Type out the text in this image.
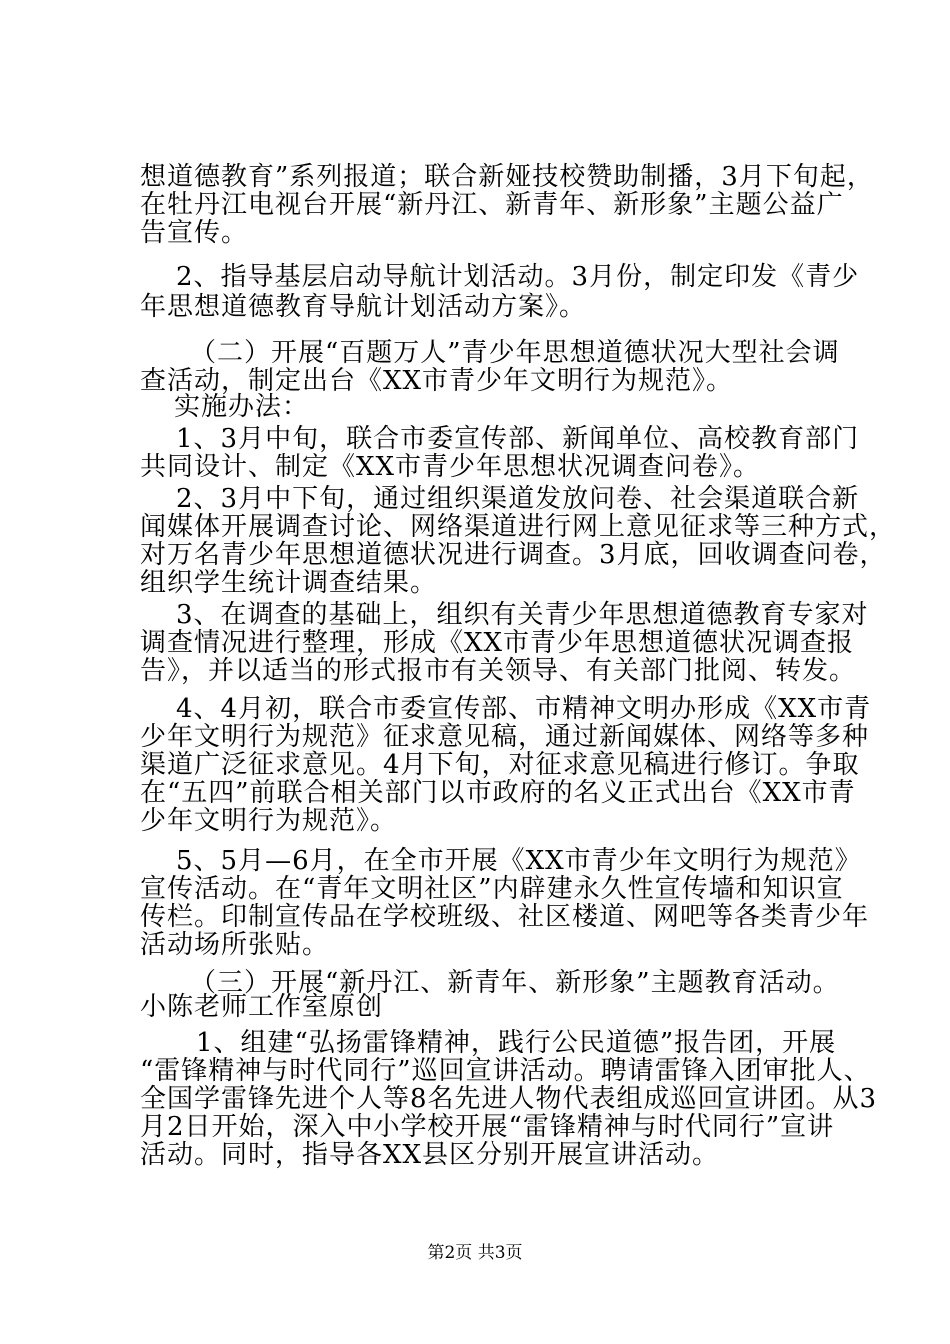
想道德教育”系列报道；联合新娅技校赞助制播，3月下旬起，
在牡丹江电视台开展“新丹江、新青年、新形象”主题公益广
告宣传。
2、指导基层启动导航计划活动。3月份，制定印发《青少
年思想道德教育导航计划活动方案》。
（二）开展“百题万人”青少年思想道德状况大型社会调
查活动，制定出台《XX市青少年文明行为规范》。
实施办法：
1、3月中旬，联合市委宣传部、新闻单位、高校教育部门
共同设计、制定《XX市青少年思想状况调查问卷》。
2、3月中下旬，通过组织渠道发放问卷、社会渠道联合新
闻媒体开展调查讨论、网络渠道进行网上意见征求等三种方式，
对万名青少年思想道德状况进行调查。3月底，回收调查问卷，
组织学生统计调查结果。
3、在调查的基础上，组织有关青少年思想道德教育专家对
调查情况进行整理，形成《XX市青少年思想道德状况调查报
告》，并以适当的形式报市有关领导、有关部门批阅、转发。
4、4月初，联合市委宣传部、市精神文明办形成《XX市青
少年文明行为规范》征求意见稿，通过新闻媒体、网络等多种
渠道广泛征求意见。4月下旬，对征求意见稿进行修订。争取
在“五四”前联合相关部门以市政府的名义正式出台《XX市青
少年文明行为规范》。
5、5月—6月，在全市开展《XX市青少年文明行为规范》
宣传活动。在“青年文明社区”内辟建永久性宣传墙和知识宣
传栏。印制宣传品在学校班级、社区楼道、网吧等各类青少年
活动场所张贴。
（三）开展“新丹江、新青年、新形象”主题教育活动。
小陈老师工作室原创
1、组建“弘扬雷锋精神，践行公民道德”报告团，开展
“雷锋精神与时代同行”巡回宣讲活动。聘请雷锋入团审批人、
全国学雷锋先进个人等8名先进人物代表组成巡回宣讲团。从3
月2日开始，深入中小学校开展“雷锋精神与时代同行”宣讲
活动。同时，指导各XX县区分别开展宣讲活动。
第2页 共3页
